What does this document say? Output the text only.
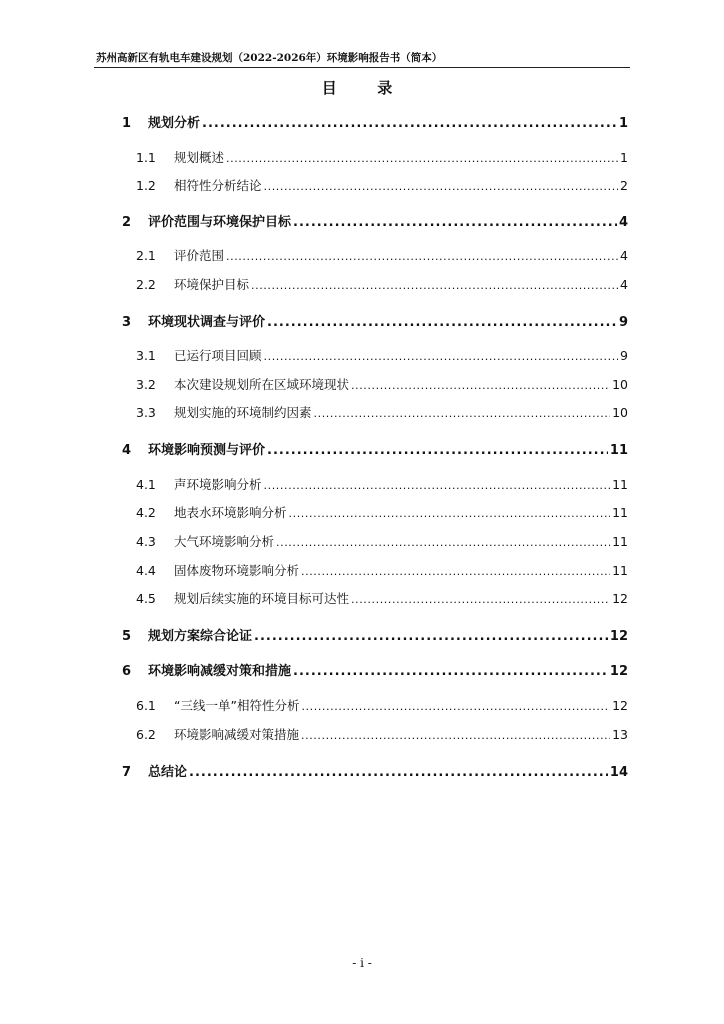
苏州高新区有轨电车建设规划（2022-2026年）环境影响报告书（简本）
目  录
1	规划分析 .....	1
1.1	规划概述 .....	1
1.2	相符性分析结论 .....	2
2	评价范围与环境保护目标 .....	4
2.1	评价范围 .....	4
2.2	环境保护目标 .....	4
3	环境现状调查与评价 .....	9
3.1	已运行项目回顾 .....	9
3.2	本次建设规划所在区域环境现状 .....	10
3.3	规划实施的环境制约因素 .....	10
4	环境影响预测与评价 .....	11
4.1	声环境影响分析 .....	11
4.2	地表水环境影响分析 .....	11
4.3	大气环境影响分析 .....	11
4.4	固体废物环境影响分析 .....	11
4.5	规划后续实施的环境目标可达性 .....	12
5	规划方案综合论证 .....	12
6	环境影响减缓对策和措施 .....	12
6.1	“三线一单”相符性分析 .....	12
6.2	环境影响减缓对策措施 .....	13
7	总结论 .....	14
- i -
